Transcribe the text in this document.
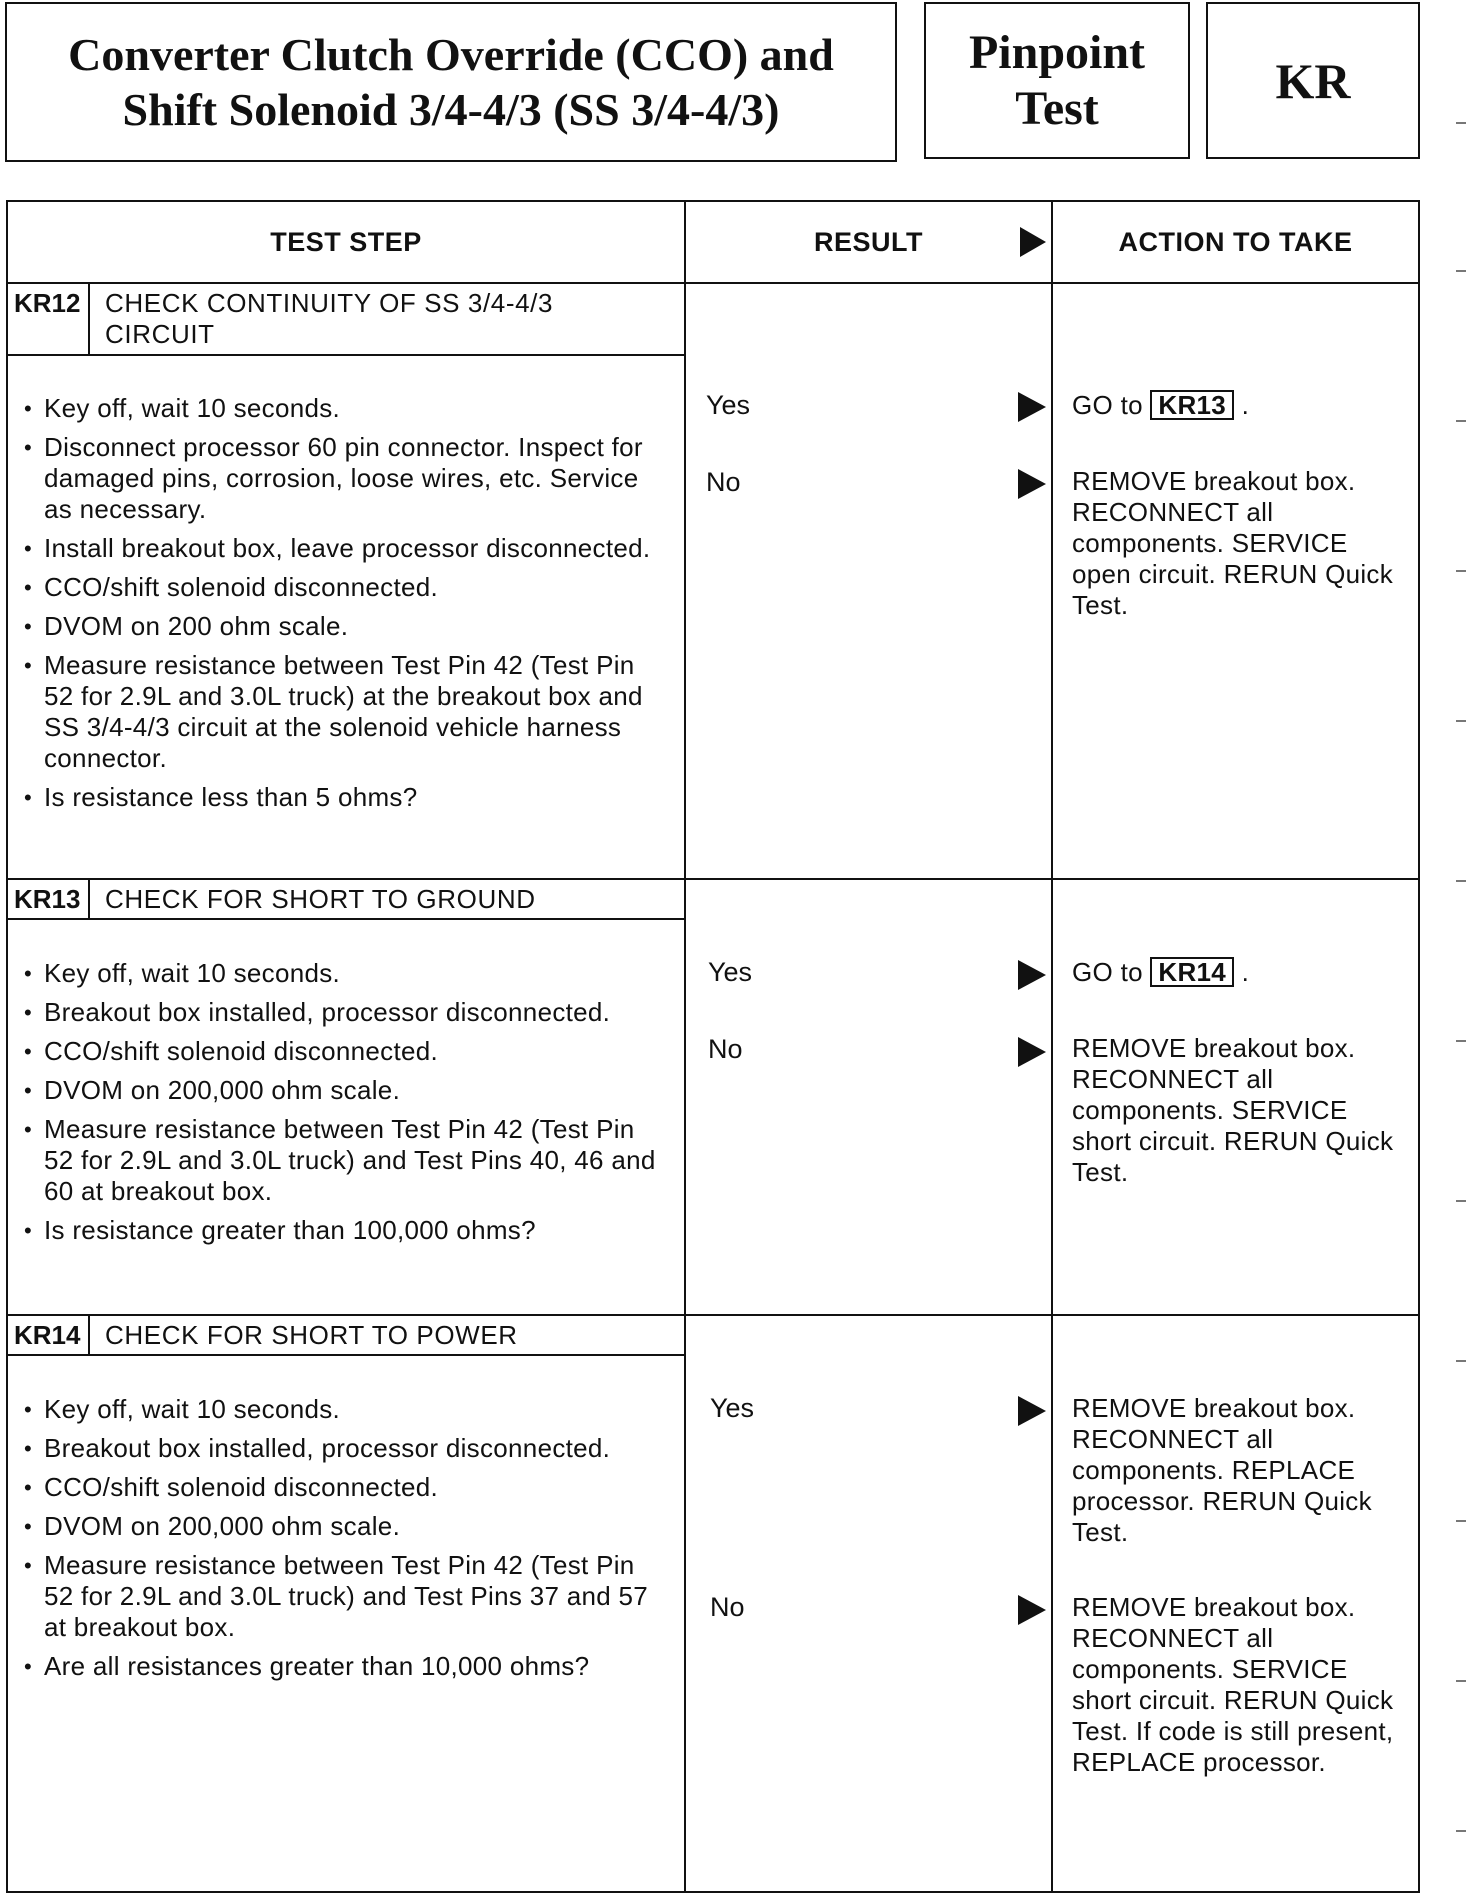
Converter Clutch Override (CCO) and
Shift Solenoid 3/4-4/3 (SS 3/4-4/3)
Pinpoint
Test	KR
TEST STEP	RESULT	ACTION TO TAKE
KR12 CHECK CONTINUITY OF SS 3/4-4/3
CIRCUIT
• Key off, wait 10 seconds.
• Disconnect processor 60 pin connector. Inspect for damaged pins, corrosion, loose wires, etc. Service as necessary.
• Install breakout box, leave processor disconnected.
• CCO/shift solenoid disconnected.
• DVOM on 200 ohm scale.
• Measure resistance between Test Pin 42 (Test Pin 52 for 2.9L and 3.0L truck) at the breakout box and SS 3/4-4/3 circuit at the solenoid vehicle harness connector.
• Is resistance less than 5 ohms?
Yes	GO to KR13 .
No	REMOVE breakout box. RECONNECT all components. SERVICE open circuit. RERUN Quick Test.
KR13 CHECK FOR SHORT TO GROUND
• Key off, wait 10 seconds.
• Breakout box installed, processor disconnected.
• CCO/shift solenoid disconnected.
• DVOM on 200,000 ohm scale.
• Measure resistance between Test Pin 42 (Test Pin 52 for 2.9L and 3.0L truck) and Test Pins 40, 46 and 60 at breakout box.
• Is resistance greater than 100,000 ohms?
Yes	GO to KR14 .
No	REMOVE breakout box. RECONNECT all components. SERVICE short circuit. RERUN Quick Test.
KR14 CHECK FOR SHORT TO POWER
• Key off, wait 10 seconds.
• Breakout box installed, processor disconnected.
• CCO/shift solenoid disconnected.
• DVOM on 200,000 ohm scale.
• Measure resistance between Test Pin 42 (Test Pin 52 for 2.9L and 3.0L truck) and Test Pins 37 and 57 at breakout box.
• Are all resistances greater than 10,000 ohms?
Yes	REMOVE breakout box. RECONNECT all components. REPLACE processor. RERUN Quick Test.
No	REMOVE breakout box. RECONNECT all components. SERVICE short circuit. RERUN Quick Test. If code is still present, REPLACE processor.
